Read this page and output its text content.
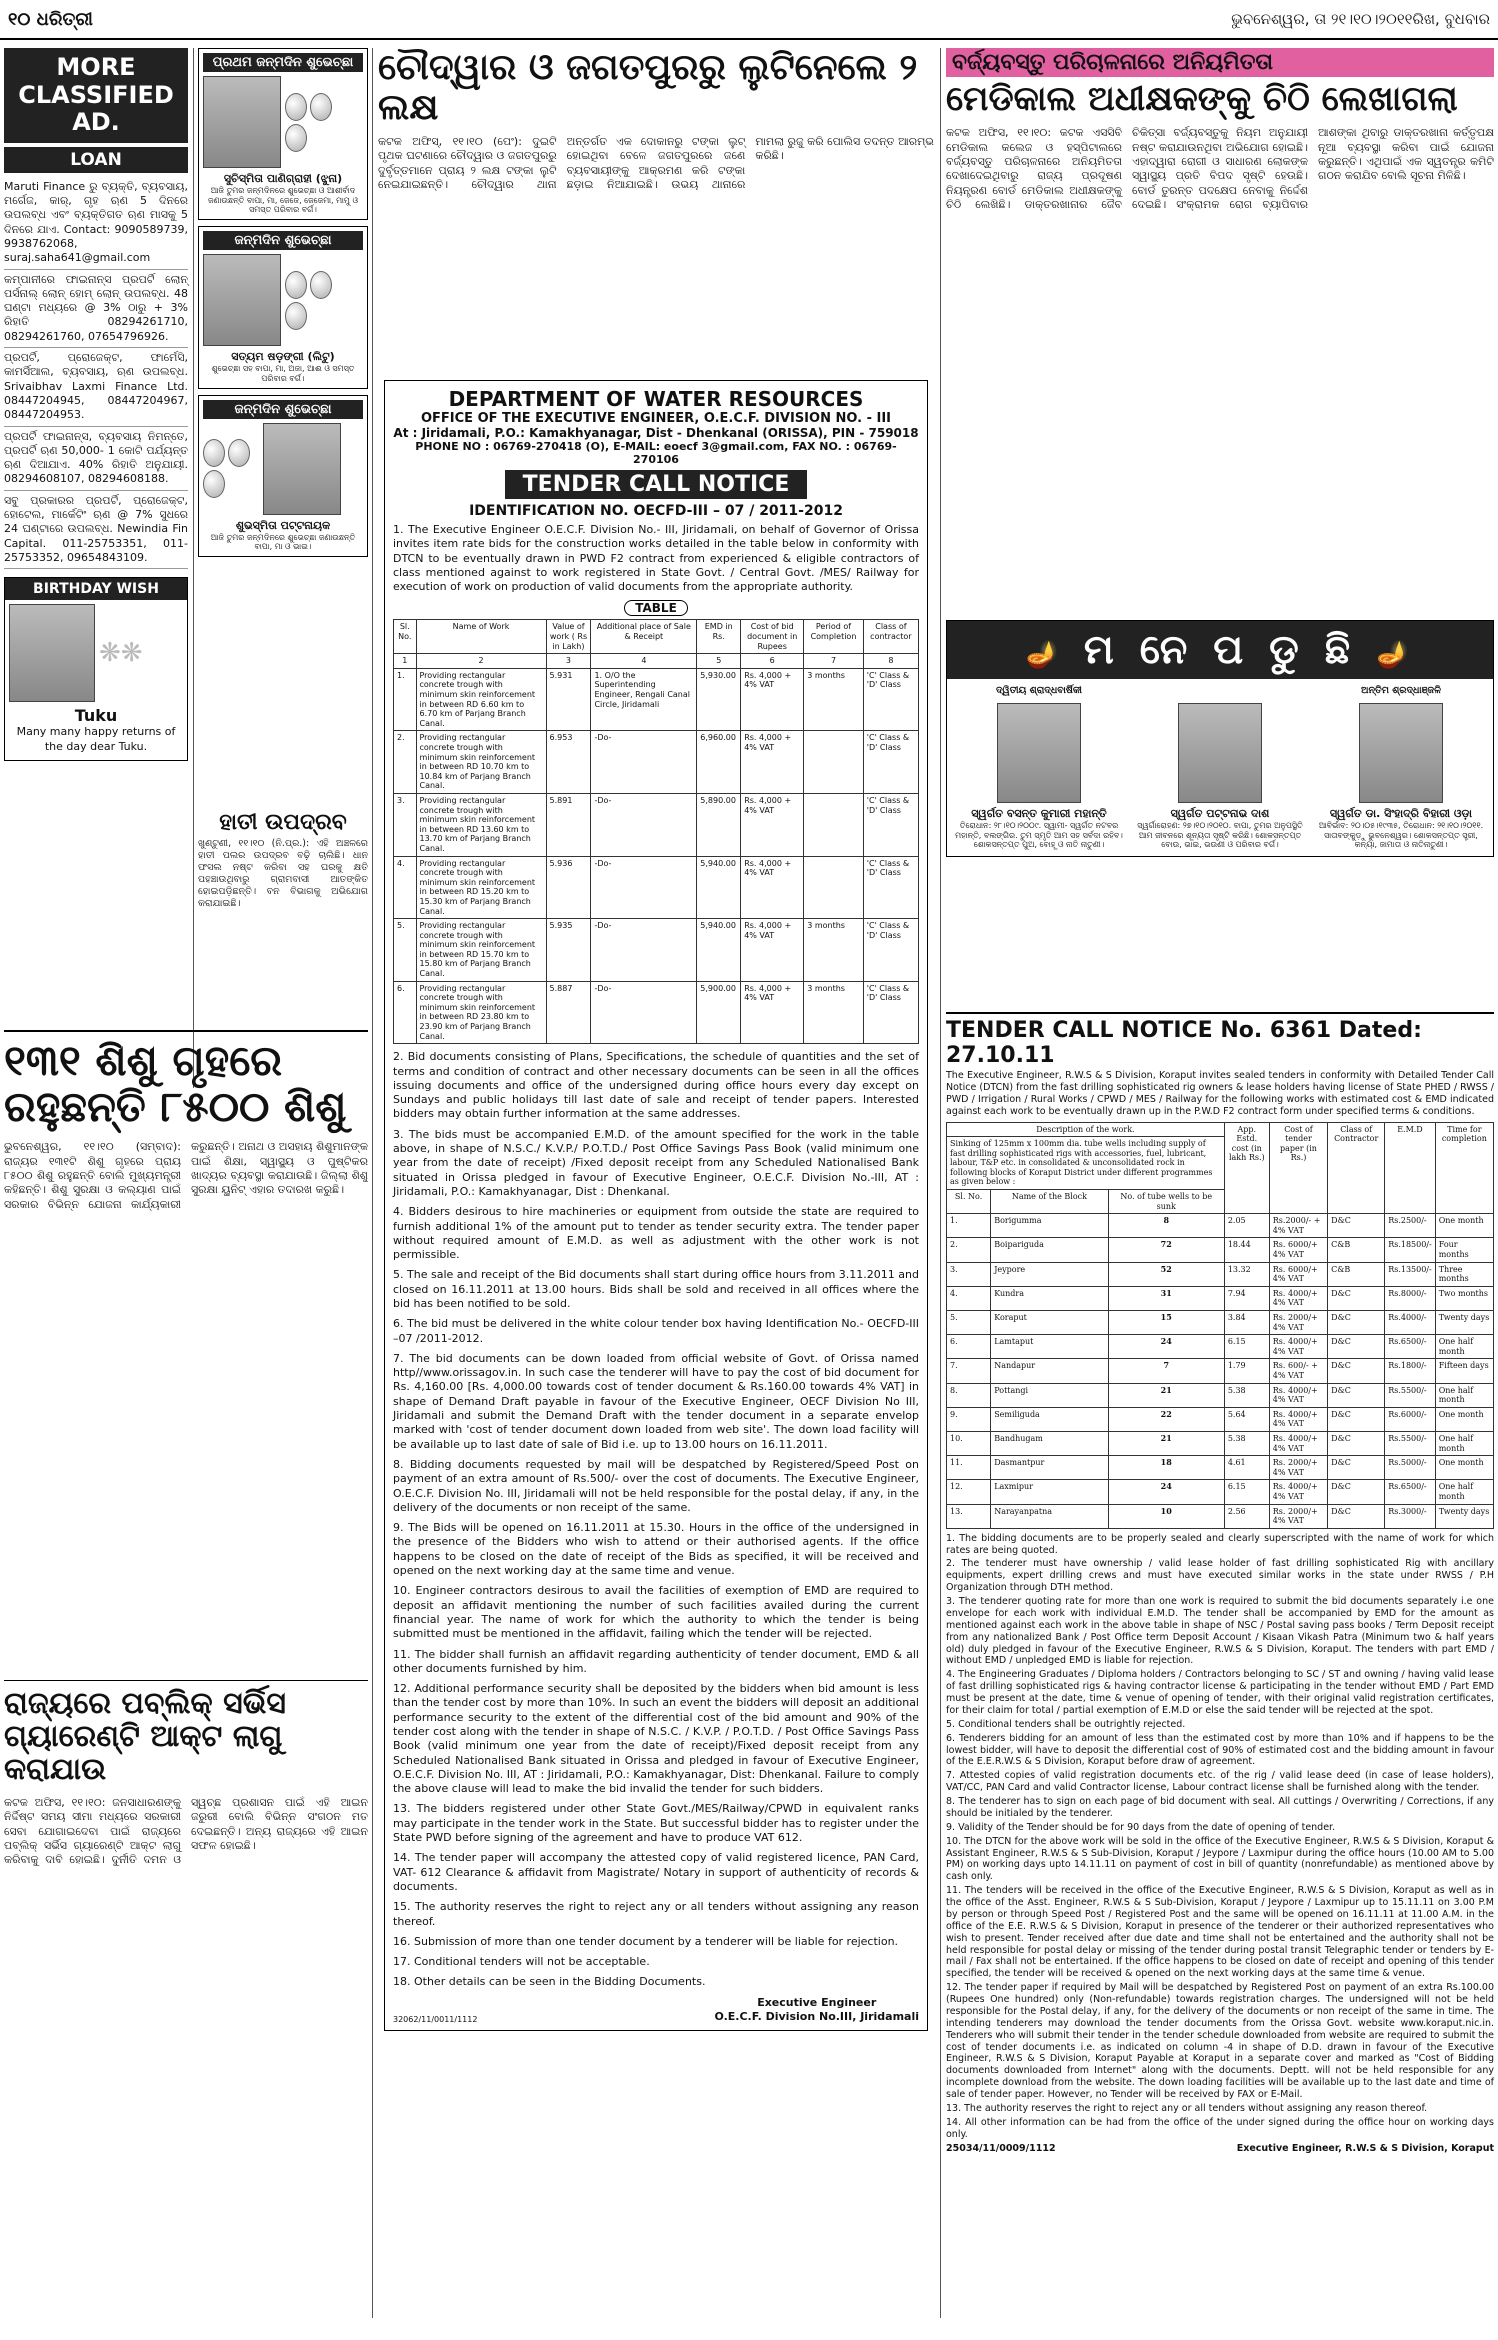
୧୦ ଧରିତ୍ରୀ	ଭୁବନେଶ୍ୱର, ତା ୨୧।୧୦।୨୦୧୧ରିଖ, ବୁଧବାର
MORE
CLASSIFIED
AD.
LOAN
Maruti Finance ରୁ ବ୍ୟକ୍ତି, ବ୍ୟବସାୟ, ମର୍ଗେଜ, କାର୍, ଗୃହ ଋଣ 5 ଦିନରେ ଉପଲବ୍ଧ ଏବଂ ବ୍ୟକ୍ତିଗତ ଋଣ ମାସକୁ 5 ଦିନରେ ଯାଏ. Contact: 9090589739, 9938762068, suraj.saha641@gmail.com
କମ୍ପାନୀରେ ଫାଇନାନ୍ସ ପ୍ରପର୍ଟି ଲୋନ୍ ପର୍ସନାଲ୍ ଲୋନ୍ ହୋମ୍ ଲୋନ୍ ଉପଲବ୍ଧ. 48 ଘଣ୍ଟା ମଧ୍ୟରେ @ 3% ଠାରୁ + 3% ରିହାତି 08294261710, 08294261760, 07654796926.
ପ୍ରପର୍ଟି, ପ୍ରୋଜେକ୍ଟ, ଫାର୍ମେସି, କାମର୍ସିଆଲ, ବ୍ୟବସାୟ, ଋଣ ଉପଲବ୍ଧ. Srivaibhav Laxmi Finance Ltd. 08447204945, 08447204967, 08447204953.
ପ୍ରପର୍ଟି ଫାଇନାନ୍ସ, ବ୍ୟବସାୟ ନିମନ୍ତେ, ପ୍ରପର୍ଟି ଋଣ 50,000- 1 କୋଟି ପର୍ଯ୍ୟନ୍ତ ଋଣ ଦିଆଯାଏ. 40% ରିହାତି ଅନୁଯାୟୀ. 08294608107, 08294608188.
ସବୁ ପ୍ରକାରର ପ୍ରପର୍ଟି, ପ୍ରୋଜେକ୍ଟ, ହୋଟେଲ, ମାର୍କେଟିଂ ଋଣ @ 7% ସୁଧରେ 24 ଘଣ୍ଟାରେ ଉପଲବ୍ଧ. Newindia Fin Capital. 011-25753351, 011-25753352, 09654843109.
BIRTHDAY WISH
❋❋
Tuku
Many many happy returns of the day dear Tuku.
ପ୍ରଥମ ଜନ୍ମଦିନ ଶୁଭେଚ୍ଛା
ସୁଚିସ୍ମିତା ପାଣିଗ୍ରାହୀ (ଝୁନା)
ଆଜି ତୁମର ଜନ୍ମଦିନରେ ଶୁଭେଚ୍ଛା ଓ ଆଶୀର୍ବାଦ ଜଣାଉଛନ୍ତି ବାପା, ମା, ଜେଜେ, ଜେଜେମା, ମାମୁ ଓ ସମସ୍ତ ପରିବାର ବର୍ଗ।
ଜନ୍ମଦିନ ଶୁଭେଚ୍ଛା
ସତ୍ୟମ ଷଡ଼ଙ୍ଗୀ (ଲିଟୁ)
ଶୁଭେଚ୍ଛା ସହ ବାପା, ମା, ଅଜା, ଆଈ ଓ ସମସ୍ତ ପରିବାର ବର୍ଗ।
ଜନ୍ମଦିନ ଶୁଭେଚ୍ଛା
ଶୁଭସ୍ମିତା ପଟ୍ଟନାୟକ
ଆଜି ତୁମର ଜନ୍ମଦିନରେ ଶୁଭେଚ୍ଛା ଜଣାଉଛନ୍ତି ବାପା, ମା ଓ ଭାଇ।
ହାତୀ ଉପଦ୍ରବ
ଖୁଣ୍ଟୁଣୀ, ୧୧।୧୦ (ନି.ପ୍ର.): ଏହି ଅଞ୍ଚଳରେ ହାତୀ ପଲର ଉପଦ୍ରବ ବଢ଼ି ଚାଲିଛି। ଧାନ ଫସଲ ନଷ୍ଟ କରିବା ସହ ଘରକୁ କ୍ଷତି ପହଞ୍ଚାଉଥିବାରୁ ଗ୍ରାମବାସୀ ଆତଙ୍କିତ ହୋଇପଡ଼ିଛନ୍ତି। ବନ ବିଭାଗକୁ ଅଭିଯୋଗ କରାଯାଇଛି।
୧୩୧ ଶିଶୁ ଗୃହରେ ରହୁଛନ୍ତି ୮୫୦୦ ଶିଶୁ
ଭୁବନେଶ୍ୱର, ୧୧।୧୦ (ସମ୍ବାଦ): ରାଜ୍ୟର ୧୩୧ଟି ଶିଶୁ ଗୃହରେ ପ୍ରାୟ ୮୫୦୦ ଶିଶୁ ରହୁଛନ୍ତି ବୋଲି ମୁଖ୍ୟମନ୍ତ୍ରୀ କହିଛନ୍ତି। ଶିଶୁ ସୁରକ୍ଷା ଓ କଲ୍ୟାଣ ପାଇଁ ସରକାର ବିଭିନ୍ନ ଯୋଜନା କାର୍ଯ୍ୟକାରୀ କରୁଛନ୍ତି। ଅନାଥ ଓ ଅସହାୟ ଶିଶୁମାନଙ୍କ ପାଇଁ ଶିକ୍ଷା, ସ୍ୱାସ୍ଥ୍ୟ ଓ ପୁଷ୍ଟିକର ଖାଦ୍ୟର ବ୍ୟବସ୍ଥା କରାଯାଉଛି। ଜିଲ୍ଲା ଶିଶୁ ସୁରକ୍ଷା ୟୁନିଟ୍ ଏହାର ତଦାରଖ କରୁଛି।
ରାଜ୍ୟରେ ପବ୍ଲିକ୍ ସର୍ଭିସ ଗ୍ୟାରେଣ୍ଟି ଆକ୍ଟ ଲାଗୁ କରାଯାଉ
କଟକ ଅଫିସ, ୧୧।୧୦: ଜନସାଧାରଣଙ୍କୁ ନିର୍ଦ୍ଦିଷ୍ଟ ସମୟ ସୀମା ମଧ୍ୟରେ ସରକାରୀ ସେବା ଯୋଗାଇଦେବା ପାଇଁ ରାଜ୍ୟରେ ପବ୍ଲିକ୍ ସର୍ଭିସ ଗ୍ୟାରେଣ୍ଟି ଆକ୍ଟ ଲାଗୁ କରିବାକୁ ଦାବି ହୋଇଛି। ଦୁର୍ନୀତି ଦମନ ଓ ସ୍ୱଚ୍ଛ ପ୍ରଶାସନ ପାଇଁ ଏହି ଆଇନ ଜରୁରୀ ବୋଲି ବିଭିନ୍ନ ସଂଗଠନ ମତ ଦେଇଛନ୍ତି। ଅନ୍ୟ ରାଜ୍ୟରେ ଏହି ଆଇନ ସଫଳ ହୋଇଛି।
ଚୌଦ୍ୱାର ଓ ଜଗତପୁରରୁ ଲୁଟିନେଲେ ୨ ଲକ୍ଷ
କଟକ ଅଫିସ୍, ୧୧।୧୦ (ପେଂ): ଦୁଇଟି ପୃଥକ ଘଟଣାରେ ଚୌଦ୍ୱାର ଓ ଜଗତପୁରରୁ ଦୁର୍ବୃତ୍ତମାନେ ପ୍ରାୟ ୨ ଲକ୍ଷ ଟଙ୍କା ଲୁଟି ନେଇଯାଇଛନ୍ତି। ଚୌଦ୍ୱାର ଥାନା ଅନ୍ତର୍ଗତ ଏକ ଦୋକାନରୁ ଟଙ୍କା ଲୁଟ୍ ହୋଇଥିବା ବେଳେ ଜଗତପୁରରେ ଜଣେ ବ୍ୟବସାୟୀଙ୍କୁ ଆକ୍ରମଣ କରି ଟଙ୍କା ଛଡ଼ାଇ ନିଆଯାଇଛି। ଉଭୟ ଥାନାରେ ମାମଲା ରୁଜୁ କରି ପୋଲିସ ତଦନ୍ତ ଆରମ୍ଭ କରିଛି।
DEPARTMENT OF WATER RESOURCES
OFFICE OF THE EXECUTIVE ENGINEER, O.E.C.F. DIVISION NO. - III
At : Jiridamali, P.O.: Kamakhyanagar, Dist - Dhenkanal (ORISSA), PIN - 759018
PHONE NO : 06769-270418 (O), E-MAIL: eoecf 3@gmail.com, FAX NO. : 06769-270106
TENDER CALL NOTICE
IDENTIFICATION NO. OECFD-III – 07 / 2011-2012
1. The Executive Engineer O.E.C.F. Division No.- III, Jiridamali, on behalf of Governor of Orissa invites item rate bids for the construction works detailed in the table below in conformity with DTCN to be eventually drawn in PWD F2 contract from experienced & eligible contractors of class mentioned against to work registered in State Govt. / Central Govt. /MES/ Railway for execution of work on production of valid documents from the appropriate authority.
TABLE
Sl. No.	Name of Work	Value of work ( Rs in Lakh)	Additional place of Sale & Receipt	EMD in Rs.	Cost of bid document in Rupees	Period of Completion	Class of contractor
1	2	3	4	5	6	7	8
1.	Providing rectangular concrete trough with minimum skin reinforcement in between RD 6.60 km to 6.70 km of Parjang Branch Canal.	5.931	1. O/O the Superintending Engineer, Rengali Canal Circle, Jiridamali	5,930.00	Rs. 4,000 + 4% VAT	3 months	'C' Class & 'D' Class
2.	Providing rectangular concrete trough with minimum skin reinforcement in between RD 10.70 km to 10.84 km of Parjang Branch Canal.	6.953	-Do-	6,960.00	Rs. 4,000 + 4% VAT		'C' Class & 'D' Class
3.	Providing rectangular concrete trough with minimum skin reinforcement in between RD 13.60 km to 13.70 km of Parjang Branch Canal.	5.891	-Do-	5,890.00	Rs. 4,000 + 4% VAT		'C' Class & 'D' Class
4.	Providing rectangular concrete trough with minimum skin reinforcement in between RD 15.20 km to 15.30 km of Parjang Branch Canal.	5.936	-Do-	5,940.00	Rs. 4,000 + 4% VAT		'C' Class & 'D' Class
5.	Providing rectangular concrete trough with minimum skin reinforcement in between RD 15.70 km to 15.80 km of Parjang Branch Canal.	5.935	-Do-	5,940.00	Rs. 4,000 + 4% VAT	3 months	'C' Class & 'D' Class
6.	Providing rectangular concrete trough with minimum skin reinforcement in between RD 23.80 km to 23.90 km of Parjang Branch Canal.	5.887	-Do-	5,900.00	Rs. 4,000 + 4% VAT	3 months	'C' Class & 'D' Class

2. Bid documents consisting of Plans, Specifications, the schedule of quantities and the set of terms and condition of contract and other necessary documents can be seen in all the offices issuing documents and office of the undersigned during office hours every day except on Sundays and public holidays till last date of sale and receipt of tender papers. Interested bidders may obtain further information at the same addresses.

3. The bids must be accompanied E.M.D. of the amount specified for the work in the table above, in shape of N.S.C./ K.V.P./ P.O.T.D./ Post Office Savings Pass Book (valid minimum one year from the date of receipt) /Fixed deposit receipt from any Scheduled Nationalised Bank situated in Orissa pledged in favour of Executive Engineer, O.E.C.F. Division No.-III, AT : Jiridamali, P.O.: Kamakhyanagar, Dist : Dhenkanal.

4. Bidders desirous to hire machineries or equipment from outside the state are required to furnish additional 1% of the amount put to tender as tender security extra. The tender paper without required amount of E.M.D. as well as adjustment with the other work is not permissible.

5. The sale and receipt of the Bid documents shall start during office hours from 3.11.2011 and closed on 16.11.2011 at 13.00 hours. Bids shall be sold and received in all offices where the bid has been notified to be sold.

6. The bid must be delivered in the white colour tender box having Identification No.- OECFD-III –07 /2011-2012.

7. The bid documents can be down loaded from official website of Govt. of Orissa named http//www.orissagov.in. In such case the tenderer will have to pay the cost of bid document for Rs. 4,160.00 [Rs. 4,000.00 towards cost of tender document & Rs.160.00 towards 4% VAT] in shape of Demand Draft payable in favour of the Executive Engineer, OECF Division No III, Jiridamali and submit the Demand Draft with the tender document in a separate envelop marked with 'cost of tender document down loaded from web site'. The down load facility will be available up to last date of sale of Bid i.e. up to 13.00 hours on 16.11.2011.

8. Bidding documents requested by mail will be despatched by Registered/Speed Post on payment of an extra amount of Rs.500/- over the cost of documents. The Executive Engineer, O.E.C.F. Division No. III, Jiridamali will not be held responsible for the postal delay, if any, in the delivery of the documents or non receipt of the same.

9. The Bids will be opened on 16.11.2011 at 15.30. Hours in the office of the undersigned in the presence of the Bidders who wish to attend or their authorised agents. If the office happens to be closed on the date of receipt of the Bids as specified, it will be received and opened on the next working day at the same time and venue.

10. Engineer contractors desirous to avail the facilities of exemption of EMD are required to deposit an affidavit mentioning the number of such facilities availed during the current financial year. The name of work for which the authority to which the tender is being submitted must be mentioned in the affidavit, failing which the tender will be rejected.

11. The bidder shall furnish an affidavit regarding authenticity of tender document, EMD & all other documents furnished by him.

12. Additional performance security shall be deposited by the bidders when bid amount is less than the tender cost by more than 10%. In such an event the bidders will deposit an additional performance security to the extent of the differential cost of the bid amount and 90% of the tender cost along with the tender in shape of N.S.C. / K.V.P. / P.O.T.D. / Post Office Savings Pass Book (valid minimum one year from the date of receipt)/Fixed deposit receipt from any Scheduled Nationalised Bank situated in Orissa and pledged in favour of Executive Engineer, O.E.C.F. Division No. III, AT : Jiridamali, P.O.: Kamakhyanagar, Dist: Dhenkanal. Failure to comply the above clause will lead to make the bid invalid the tender for such bidders.

13. The bidders registered under other State Govt./MES/Railway/CPWD in equivalent ranks may participate in the tender work in the State. But successful bidder has to register under the State PWD before signing of the agreement and have to produce VAT 612.

14. The tender paper will accompany the attested copy of valid registered licence, PAN Card, VAT- 612 Clearance & affidavit from Magistrate/ Notary in support of authenticity of records & documents.

15. The authority reserves the right to reject any or all tenders without assigning any reason thereof.

16. Submission of more than one tender document by a tenderer will be liable for rejection.

17. Conditional tenders will not be acceptable.

18. Other details can be seen in the Bidding Documents.

32062/11/0011/1112
Executive Engineer
O.E.C.F. Division No.III, Jiridamali
ବର୍ଜ୍ୟବସ୍ତୁ ପରିଚାଳନାରେ ଅନିୟମିତତା
ମେଡିକାଲ ଅଧୀକ୍ଷକଙ୍କୁ ଚିଠି ଲେଖାଗଲା
କଟକ ଅଫିସ, ୧୧।୧୦: କଟକ ଏସସିବି ମେଡିକାଲ କଲେଜ ଓ ହସ୍ପିଟାଲରେ ବର୍ଜ୍ୟବସ୍ତୁ ପରିଚାଳନାରେ ଅନିୟମିତତା ଦେଖାଦେଇଥିବାରୁ ରାଜ୍ୟ ପ୍ରଦୂଷଣ ନିୟନ୍ତ୍ରଣ ବୋର୍ଡ ମେଡିକାଲ ଅଧୀକ୍ଷକଙ୍କୁ ଚିଠି ଲେଖିଛି। ଡାକ୍ତରଖାନାର ଜୈବ ଚିକିତ୍ସା ବର୍ଜ୍ୟବସ୍ତୁକୁ ନିୟମ ଅନୁଯାୟୀ ନଷ୍ଟ କରାଯାଉନଥିବା ଅଭିଯୋଗ ହୋଇଛି। ଏହାଦ୍ୱାରା ରୋଗୀ ଓ ସାଧାରଣ ଲୋକଙ୍କ ସ୍ୱାସ୍ଥ୍ୟ ପ୍ରତି ବିପଦ ସୃଷ୍ଟି ହେଉଛି। ବୋର୍ଡ ତୁରନ୍ତ ପଦକ୍ଷେପ ନେବାକୁ ନିର୍ଦ୍ଦେଶ ଦେଇଛି। ସଂକ୍ରାମକ ରୋଗ ବ୍ୟାପିବାର ଆଶଙ୍କା ଥିବାରୁ ଡାକ୍ତରଖାନା କର୍ତ୍ତୃପକ୍ଷ ନୂଆ ବ୍ୟବସ୍ଥା କରିବା ପାଇଁ ଯୋଜନା କରୁଛନ୍ତି। ଏଥିପାଇଁ ଏକ ସ୍ୱତନ୍ତ୍ର କମିଟି ଗଠନ କରାଯିବ ବୋଲି ସୂଚନା ମିଳିଛି।
🪔 ମ ନେ ପ ଡୁ ଛି 🪔
ଦ୍ୱିତୀୟ ଶ୍ରାଦ୍ଧବାର୍ଷିକୀ
ସ୍ୱର୍ଗତ ବସନ୍ତ କୁମାରୀ ମହାନ୍ତି
ତିରୋଧାନ: ୨୮।୧୦।୨୦୦୯. ସ୍ୱାମୀ- ସ୍ୱର୍ଗତ ନଟବର ମହାନ୍ତି, ବଲଙ୍ଗିର. ତୁମ ସ୍ମୃତି ଆମ ସହ ସର୍ବଦା ରହିବ। ଶୋକସନ୍ତପ୍ତ ପୁଅ, ବୋହୂ ଓ ନାତି ନାତୁଣୀ।
ସ୍ୱର୍ଗତ ପଟ୍ଟନାଭ ଦାଶ
ସ୍ୱର୍ଗାରୋହଣ: ୨୭।୧୦।୨୦୧୦. ବାପା, ତୁମର ଅନୁପସ୍ଥିତି ଆମ ଜୀବନରେ ଶୂନ୍ୟତା ସୃଷ୍ଟି କରିଛି। ଶୋକସନ୍ତପ୍ତ ବୋଉ, ଭାଇ, ଭଉଣୀ ଓ ପରିବାର ବର୍ଗ।
ଅନ୍ତିମ ଶ୍ରଦ୍ଧାଞ୍ଜଳି
ସ୍ୱର୍ଗତ ଡା. ସିଂହାଦ୍ରି ବିହାରୀ ଓଡ଼ା
ଆବିର୍ଭାବ: ୨୦।୦୫।୧୯୩୫, ତିରୋଧାନ: ୨୧।୧୦।୨୦୧୧. ସାତାବଙ୍କୁଡ଼ୁ ଭୁବନେଶ୍ୱର। ଶୋକସନ୍ତପ୍ତ ସ୍ତ୍ରୀ, କନ୍ୟା, ଜାମାତା ଓ ନାତିନାତୁଣୀ।
TENDER CALL NOTICE No. 6361 Dated: 27.10.11
The Executive Engineer, R.W.S & S Division, Koraput invites sealed tenders in conformity with Detailed Tender Call Notice (DTCN) from the fast drilling sophisticated rig owners & lease holders having license of State PHED / RWSS / PWD / Irrigation / Rural Works / CPWD / MES / Railway for the following works with estimated cost & EMD indicated against each work to be eventually drawn up in the P.W.D F2 contract form under specified terms & conditions.
Description of the work.			App. Estd. cost (in lakh Rs.)	Cost of tender paper (in Rs.)	Class of Contractor	E.M.D	Time for completion
Sinking of 125mm x 100mm dia. tube wells including supply of fast drilling sophisticated rigs with accessories, fuel, lubricant, labour, T&P etc. in consolidated & unconsolidated rock in following blocks of Koraput District under different programmes as given below :							
Sl. No.	Name of the Block	No. of tube wells to be sunk					
1.	Borigumma	8	2.05	Rs.2000/- + 4% VAT	D&C	Rs.2500/-	One month
2.	Boipariguda	72	18.44	Rs. 6000/+ 4% VAT	C&B	Rs.18500/-	Four months
3.	Jeypore	52	13.32	Rs. 6000/+ 4% VAT	C&B	Rs.13500/-	Three months
4.	Kundra	31	7.94	Rs. 4000/+ 4% VAT	D&C	Rs.8000/-	Two months
5.	Koraput	15	3.84	Rs. 2000/+ 4% VAT	D&C	Rs.4000/-	Twenty days
6.	Lamtaput	24	6.15	Rs. 4000/+ 4% VAT	D&C	Rs.6500/-	One half month
7.	Nandapur	7	1.79	Rs. 600/- + 4% VAT	D&C	Rs.1800/-	Fifteen days
8.	Pottangi	21	5.38	Rs. 4000/+ 4% VAT	D&C	Rs.5500/-	One half month
9.	Semiliguda	22	5.64	Rs. 4000/+ 4% VAT	D&C	Rs.6000/-	One month
10.	Bandhugam	21	5.38	Rs. 4000/+ 4% VAT	D&C	Rs.5500/-	One half month
11.	Dasmantpur	18	4.61	Rs. 2000/+ 4% VAT	D&C	Rs.5000/-	One month
12.	Laxmipur	24	6.15	Rs. 4000/+ 4% VAT	D&C	Rs.6500/-	One half month
13.	Narayanpatna	10	2.56	Rs. 2000/+ 4% VAT	D&C	Rs.3000/-	Twenty days

1. The bidding documents are to be properly sealed and clearly superscripted with the name of work for which rates are being quoted.

2. The tenderer must have ownership / valid lease holder of fast drilling sophisticated Rig with ancillary equipments, expert drilling crews and must have executed similar works in the state under RWSS / P.H Organization through DTH method.

3. The tenderer quoting rate for more than one work is required to submit the bid documents separately i.e one envelope for each work with individual E.M.D. The tender shall be accompanied by EMD for the amount as mentioned against each work in the above table in shape of NSC / Postal saving pass books / Term Deposit receipt from any nationalized Bank / Post Office term Deposit Account / Kisaan Vikash Patra (Minimum two & half years old) duly pledged in favour of the Executive Engineer, R.W.S & S Division, Koraput. The tenders with part EMD / without EMD / unpledged EMD is liable for rejection.

4. The Engineering Graduates / Diploma holders / Contractors belonging to SC / ST and owning / having valid lease of fast drilling sophisticated rigs & having contractor license & participating in the tender without EMD / Part EMD must be present at the date, time & venue of opening of tender, with their original valid registration certificates, for their claim for total / partial exemption of E.M.D or else the said tender will be rejected at the spot.

5. Conditional tenders shall be outrightly rejected.

6. Tenderers bidding for an amount of less than the estimated cost by more than 10% and if happens to be the lowest bidder, will have to deposit the differential cost of 90% of estimated cost and the bidding amount in favour of the E.E.R.W.S & S Division, Koraput before draw of agreement.

7. Attested copies of valid registration documents etc. of the rig / valid lease deed (in case of lease holders), VAT/CC, PAN Card and valid Contractor license, Labour contract license shall be furnished along with the tender.

8. The tenderer has to sign on each page of bid document with seal. All cuttings / Overwriting / Corrections, if any should be initialed by the tenderer.

9. Validity of the Tender should be for 90 days from the date of opening of tender.

10. The DTCN for the above work will be sold in the office of the Executive Engineer, R.W.S & S Division, Koraput & Assistant Engineer, R.W.S & S Sub-Division, Koraput / Jeypore / Laxmipur during the office hours (10.00 AM to 5.00 PM) on working days upto 14.11.11 on payment of cost in bill of quantity (nonrefundable) as mentioned above by cash only.

11. The tenders will be received in the office of the Executive Engineer, R.W.S & S Division, Koraput as well as in the office of the Asst. Engineer, R.W.S & S Sub-Division, Koraput / Jeypore / Laxmipur up to 15.11.11 on 3.00 P.M by person or through Speed Post / Registered Post and the same will be opened on 16.11.11 at 11.00 A.M. in the office of the E.E. R.W.S & S Division, Koraput in presence of the tenderer or their authorized representatives who wish to present. Tender received after due date and time shall not be entertained and the authority shall not be held responsible for postal delay or missing of the tender during postal transit Telegraphic tender or tenders by E-mail / Fax shall not be entertained. If the office happens to be closed on date of receipt and opening of this tender specified, the tender will be received & opened on the next working days at the same time & venue.

12. The tender paper if required by Mail will be despatched by Registered Post on payment of an extra Rs.100.00 (Rupees One hundred) only (Non-refundable) towards registration charges. The undersigned will not be held responsible for the Postal delay, if any, for the delivery of the documents or non receipt of the same in time. The intending tenderers may download the tender documents from the Orissa Govt. website www.koraput.nic.in. Tenderers who will submit their tender in the tender schedule downloaded from website are required to submit the cost of tender documents i.e. as indicated on column -4 in shape of D.D. drawn in favour of the Executive Engineer, R.W.S & S Division, Koraput Payable at Koraput in a separate cover and marked as "Cost of Bidding documents downloaded from Internet" along with the documents. Deptt. will not be held responsible for any incomplete download from the website. The down loading facilities will be available up to the last date and time of sale of tender paper. However, no Tender will be received by FAX or E-Mail.

13. The authority reserves the right to reject any or all tenders without assigning any reason thereof.

14. All other information can be had from the office of the under signed during the office hour on working days only.

25034/11/0009/1112	Executive Engineer, R.W.S & S Division, Koraput
